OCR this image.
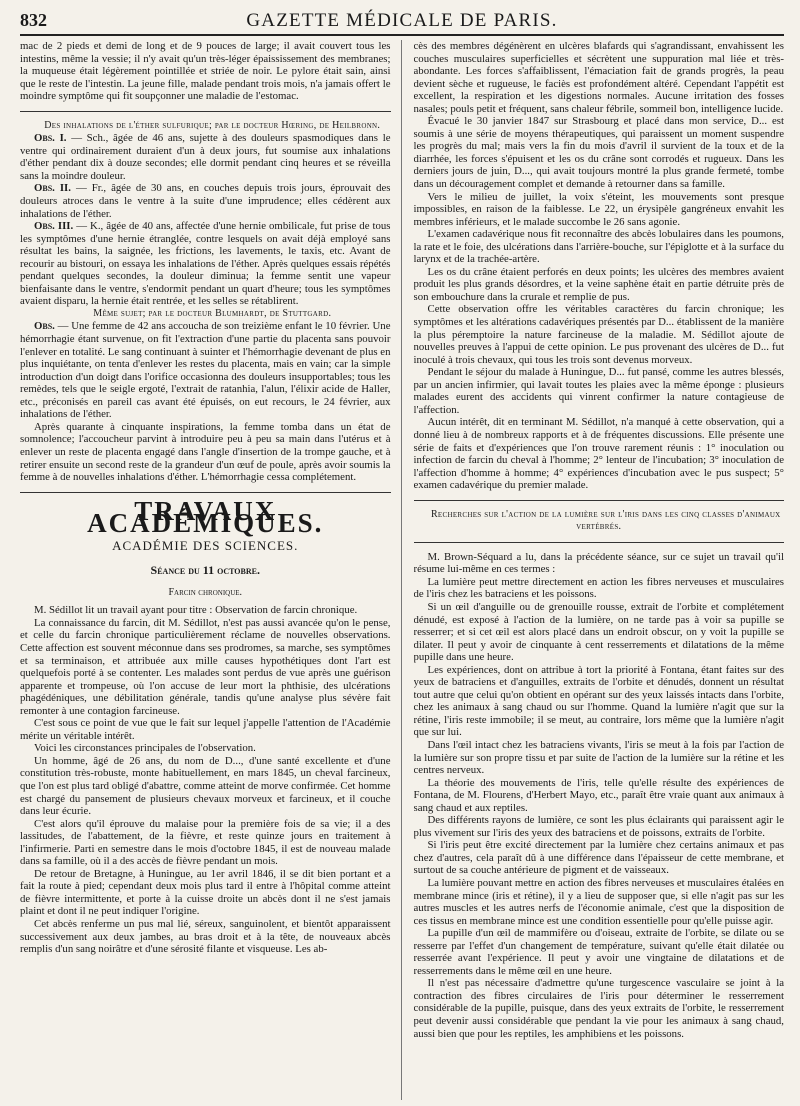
832	GAZETTE MÉDICALE DE PARIS.

mac de 2 pieds et demi de long et de 9 pouces de large; il avait couvert tous les intestins, même la vessie; il n'y avait qu'un très-léger épaississement des membranes; la muqueuse était légèrement pointillée et striée de noir. Le pylore était sain, ainsi que le reste de l'intestin. La jeune fille, malade pendant trois mois, n'a jamais offert le moindre symptôme qui fit soupçonner une maladie de l'estomac.

Des inhalations de l'éther sulfurique; par le docteur Hœring, de Heilbronn.

Obs. I. — Sch., âgée de 46 ans, sujette à des douleurs spasmodiques dans le ventre qui ordinairement duraient d'un à deux jours, fut soumise aux inhalations d'éther pendant dix à douze secondes; elle dormit pendant cinq heures et se réveilla sans la moindre douleur.

Obs. II. — Fr., âgée de 30 ans, en couches depuis trois jours, éprouvait des douleurs atroces dans le ventre à la suite d'une imprudence; elles cédèrent aux inhalations de l'éther.

Obs. III. — K., âgée de 40 ans, affectée d'une hernie ombilicale, fut prise de tous les symptômes d'une hernie étranglée, contre lesquels on avait déjà employé sans résultat les bains, la saignée, les frictions, les lavements, le taxis, etc. Avant de recourir au bistouri, on essaya les inhalations de l'éther. Après quelques essais répétés pendant quelques secondes, la douleur diminua; la femme sentit une vapeur bienfaisante dans le ventre, s'endormit pendant un quart d'heure; tous les symptômes avaient disparu, la hernie était rentrée, et les selles se rétablirent.

Même sujet; par le docteur Blumhardt, de Stuttgard.

Obs. — Une femme de 42 ans accoucha de son treizième enfant le 10 février. Une hémorrhagie étant survenue, on fit l'extraction d'une partie du placenta sans pouvoir l'enlever en totalité. Le sang continuant à suinter et l'hémorrhagie devenant de plus en plus inquiétante, on tenta d'enlever les restes du placenta, mais en vain; car la simple introduction d'un doigt dans l'orifice occasionna des douleurs insupportables; tous les remèdes, tels que le seigle ergoté, l'extrait de ratanhia, l'alun, l'élixir acide de Haller, etc., préconisés en pareil cas avant été épuisés, on eut recours, le 24 février, aux inhalations de l'éther.

Après quarante à cinquante inspirations, la femme tomba dans un état de somnolence; l'accoucheur parvint à introduire peu à peu sa main dans l'utérus et à enlever un reste de placenta engagé dans l'angle d'insertion de la trompe gauche, et à retirer ensuite un second reste de la grandeur d'un œuf de poule, après avoir soumis la femme à de nouvelles inhalations d'éther. L'hémorrhagie cessa complétement.

TRAVAUX ACADÉMIQUES.
ACADÉMIE DES SCIENCES.
Séance du 11 octobre.
Farcin chronique.

M. Sédillot lit un travail ayant pour titre : Observation de farcin chronique.

La connaissance du farcin, dit M. Sédillot, n'est pas aussi avancée qu'on le pense, et celle du farcin chronique particulièrement réclame de nouvelles observations. Cette affection est souvent méconnue dans ses prodromes, sa marche, ses symptômes et sa terminaison, et attribuée aux mille causes hypothétiques dont l'art est quelquefois porté à se contenter. Les malades sont perdus de vue après une guérison apparente et trompeuse, où l'on accuse de leur mort la phthisie, des ulcérations phagédéniques, une débilitation générale, tandis qu'une analyse plus sévère fait remonter à une contagion farcineuse.

C'est sous ce point de vue que le fait sur lequel j'appelle l'attention de l'Académie mérite un véritable intérêt.

Voici les circonstances principales de l'observation.

Un homme, âgé de 26 ans, du nom de D..., d'une santé excellente et d'une constitution très-robuste, monte habituellement, en mars 1845, un cheval farcineux, que l'on est plus tard obligé d'abattre, comme atteint de morve confirmée. Cet homme est chargé du pansement de plusieurs chevaux morveux et farcineux, et il couche dans leur écurie.

C'est alors qu'il éprouve du malaise pour la première fois de sa vie; il a des lassitudes, de l'abattement, de la fièvre, et reste quinze jours en traitement à l'infirmerie. Parti en semestre dans le mois d'octobre 1845, il est de nouveau malade dans sa famille, où il a des accès de fièvre pendant un mois.

De retour de Bretagne, à Huningue, au 1er avril 1846, il se dit bien portant et a fait la route à pied; cependant deux mois plus tard il entre à l'hôpital comme atteint de fièvre intermittente, et porte à la cuisse droite un abcès dont il ne s'est jamais plaint et dont il ne peut indiquer l'origine.

Cet abcès renferme un pus mal lié, séreux, sanguinolent, et bientôt apparaissent successivement aux deux jambes, au bras droit et à la tête, de nouveaux abcès remplis d'un sang noirâtre et d'une sérosité filante et visqueuse. Les ab-

cès des membres dégénèrent en ulcères blafards qui s'agrandissant, envahissent les couches musculaires superficielles et sécrètent une suppuration mal liée et très-abondante. Les forces s'affaiblissent, l'émaciation fait de grands progrès, la peau devient sèche et rugueuse, le faciès est profondément altéré. Cependant l'appétit est excellent, la respiration et les digestions normales. Aucune irritation des fosses nasales; pouls petit et fréquent, sans chaleur fébrile, sommeil bon, intelligence lucide.

Évacué le 30 janvier 1847 sur Strasbourg et placé dans mon service, D... est soumis à une série de moyens thérapeutiques, qui paraissent un moment suspendre les progrès du mal; mais vers la fin du mois d'avril il survient de la toux et de la diarrhée, les forces s'épuisent et les os du crâne sont corrodés et rugueux. Dans les derniers jours de juin, D..., qui avait toujours montré la plus grande fermeté, tombe dans un découragement complet et demande à retourner dans sa famille.

Vers le milieu de juillet, la voix s'éteint, les mouvements sont presque impossibles, en raison de la faiblesse. Le 22, un érysipèle gangréneux envahit les membres inférieurs, et le malade succombe le 26 sans agonie.

L'examen cadavérique nous fit reconnaître des abcès lobulaires dans les poumons, la rate et le foie, des ulcérations dans l'arrière-bouche, sur l'épiglotte et à la surface du larynx et de la trachée-artère.

Les os du crâne étaient perforés en deux points; les ulcères des membres avaient produit les plus grands désordres, et la veine saphène était en partie détruite près de son embouchure dans la crurale et remplie de pus.

Cette observation offre les véritables caractères du farcin chronique; les symptômes et les altérations cadavériques présentés par D... établissent de la manière la plus péremptoire la nature farcineuse de la maladie. M. Sédillot ajoute de nouvelles preuves à l'appui de cette opinion. Le pus provenant des ulcères de D... fut inoculé à trois chevaux, qui tous les trois sont devenus morveux.

Pendant le séjour du malade à Huningue, D... fut pansé, comme les autres blessés, par un ancien infirmier, qui lavait toutes les plaies avec la même éponge : plusieurs malades eurent des accidents qui vinrent confirmer la nature contagieuse de l'affection.

Aucun intérêt, dit en terminant M. Sédillot, n'a manqué à cette observation, qui a donné lieu à de nombreux rapports et à de fréquentes discussions. Elle présente une série de faits et d'expériences que l'on trouve rarement réunis : 1° inoculation ou infection de farcin du cheval à l'homme; 2° lenteur de l'incubation; 3° inoculation de l'affection d'homme à homme; 4° expériences d'incubation avec le pus suspect; 5° examen cadavérique du premier malade.

Recherches sur l'action de la lumière sur l'iris dans les cinq classes d'animaux vertébrés.

M. Brown-Séquard a lu, dans la précédente séance, sur ce sujet un travail qu'il résume lui-même en ces termes :

La lumière peut mettre directement en action les fibres nerveuses et musculaires de l'iris chez les batraciens et les poissons.

Si un œil d'anguille ou de grenouille rousse, extrait de l'orbite et complétement dénudé, est exposé à l'action de la lumière, on ne tarde pas à voir sa pupille se resserrer; et si cet œil est alors placé dans un endroit obscur, on y voit la pupille se dilater. Il peut y avoir de cinquante à cent resserrements et dilatations de la même pupille dans une heure.

Les expériences, dont on attribue à tort la priorité à Fontana, étant faites sur des yeux de batraciens et d'anguilles, extraits de l'orbite et dénudés, donnent un résultat tout autre que celui qu'on obtient en opérant sur des yeux laissés intacts dans l'orbite, chez les animaux à sang chaud ou sur l'homme. Quand la lumière n'agit que sur la rétine, l'iris reste immobile; il se meut, au contraire, lors même que la lumière n'agit que sur lui.

Dans l'œil intact chez les batraciens vivants, l'iris se meut à la fois par l'action de la lumière sur son propre tissu et par suite de l'action de la lumière sur la rétine et les centres nerveux.

La théorie des mouvements de l'iris, telle qu'elle résulte des expériences de Fontana, de M. Flourens, d'Herbert Mayo, etc., paraît être vraie quant aux animaux à sang chaud et aux reptiles.

Des différents rayons de lumière, ce sont les plus éclairants qui paraissent agir le plus vivement sur l'iris des yeux des batraciens et de poissons, extraits de l'orbite.

Si l'iris peut être excité directement par la lumière chez certains animaux et pas chez d'autres, cela paraît dû à une différence dans l'épaisseur de cette membrane, et surtout de sa couche antérieure de pigment et de vaisseaux.

La lumière pouvant mettre en action des fibres nerveuses et musculaires étalées en membrane mince (iris et rétine), il y a lieu de supposer que, si elle n'agit pas sur les autres muscles et les autres nerfs de l'économie animale, c'est que la disposition de ces tissus en membrane mince est une condition essentielle pour qu'elle puisse agir.

La pupille d'un œil de mammifère ou d'oiseau, extraite de l'orbite, se dilate ou se resserre par l'effet d'un changement de température, suivant qu'elle était dilatée ou resserrée avant l'expérience. Il peut y avoir une vingtaine de dilatations et de resserrements dans le même œil en une heure.

Il n'est pas nécessaire d'admettre qu'une turgescence vasculaire se joint à la contraction des fibres circulaires de l'iris pour déterminer le resserrement considérable de la pupille, puisque, dans des yeux extraits de l'orbite, le resserrement peut devenir aussi considérable que pendant la vie pour les animaux à sang chaud, aussi bien que pour les reptiles, les amphibiens et les poissons.
